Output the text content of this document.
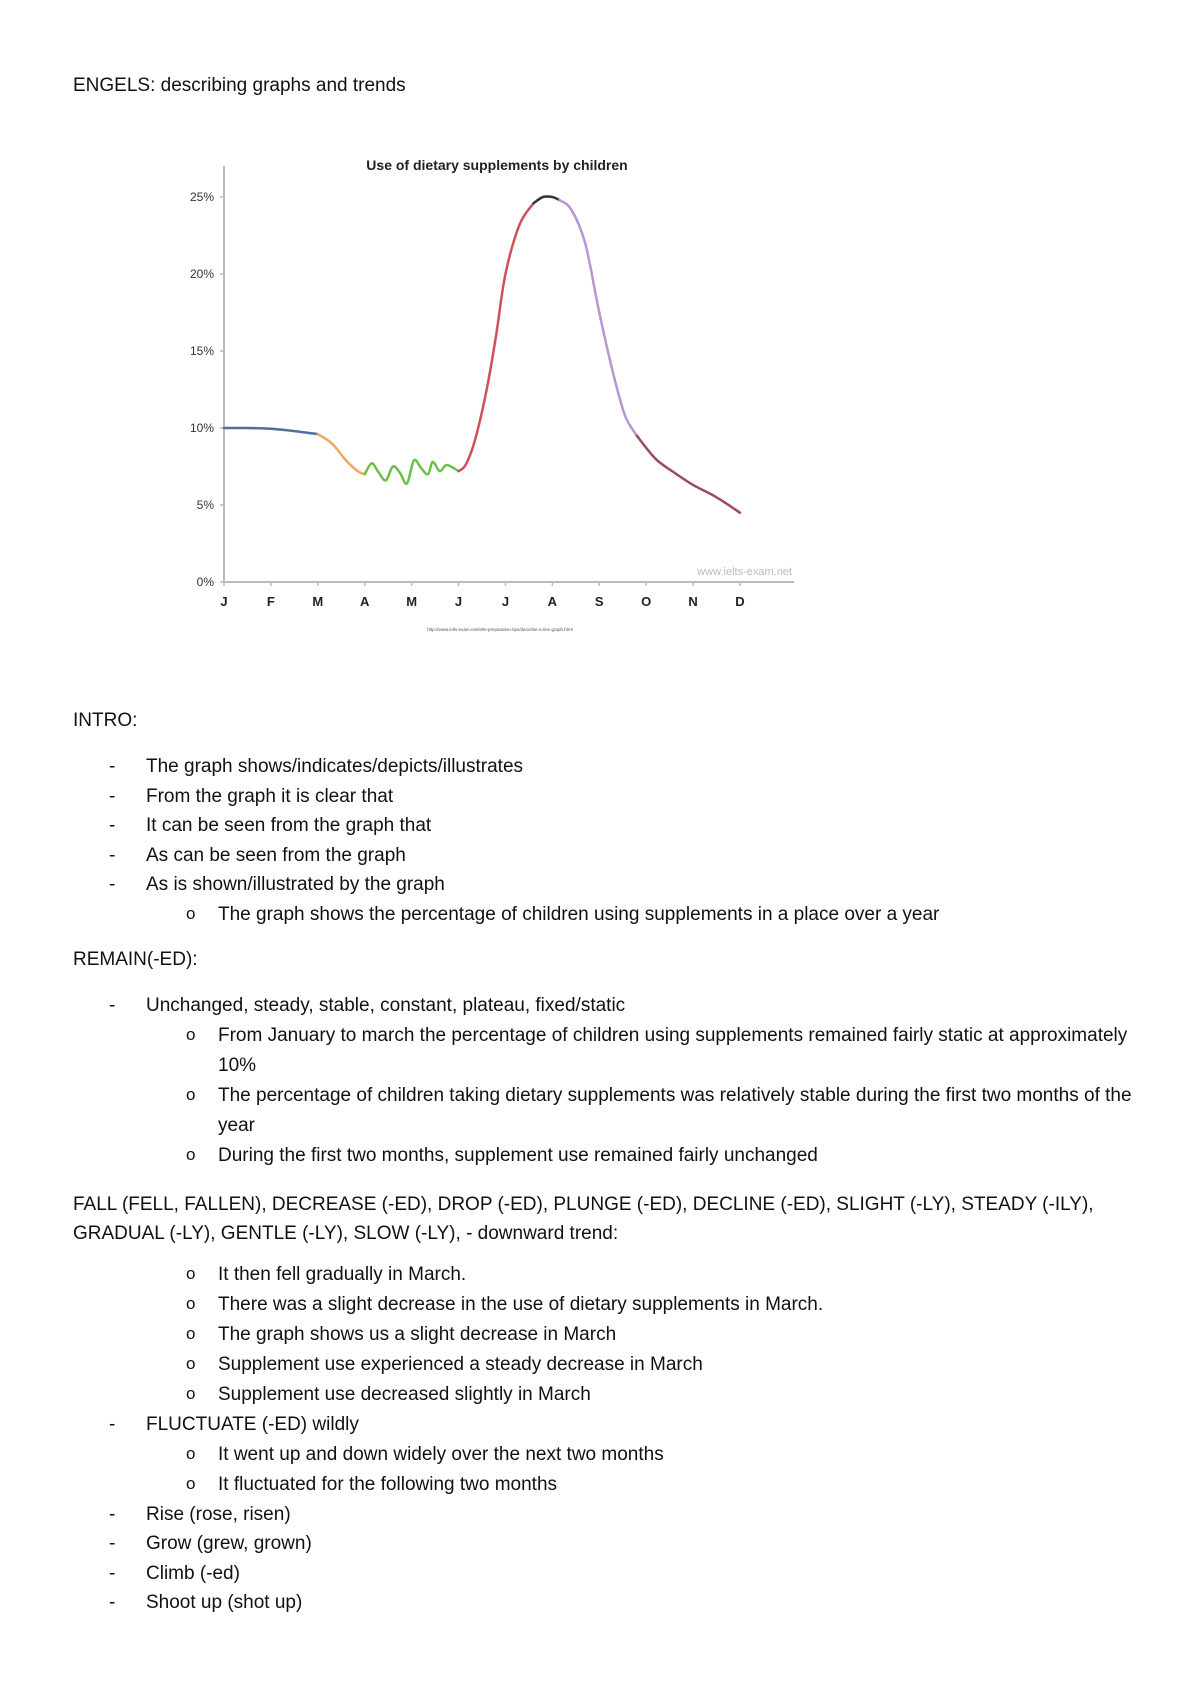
ENGELS: describing graphs and trends
Use of dietary supplements by children
0%
5%
10%
15%
20%
25%
J	F	M	A	M	J	J	A	S	O	N	D
www.ielts-exam.net
http://www.ielts-exam.net/ielts-preparation-tips/describe-a-line-graph.html
INTRO:
- The graph shows/indicates/depicts/illustrates
- From the graph it is clear that
- It can be seen from the graph that
- As can be seen from the graph
- As is shown/illustrated by the graph
o The graph shows the percentage of children using supplements in a place over a year
REMAIN(-ED):
- Unchanged, steady, stable, constant, plateau, fixed/static
o From January to march the percentage of children using supplements remained fairly static at approximately 10%
o The percentage of children taking dietary supplements was relatively stable during the first two months of the year
o During the first two months, supplement use remained fairly unchanged
FALL (FELL, FALLEN), DECREASE (-ED), DROP (-ED), PLUNGE (-ED), DECLINE (-ED), SLIGHT (-LY), STEADY (-ILY), GRADUAL (-LY), GENTLE (-LY), SLOW (-LY), - downward trend:
o It then fell gradually in March.
o There was a slight decrease in the use of dietary supplements in March.
o The graph shows us a slight decrease in March
o Supplement use experienced a steady decrease in March
o Supplement use decreased slightly in March
- FLUCTUATE (-ED) wildly
o It went up and down widely over the next two months
o It fluctuated for the following two months
- Rise (rose, risen)
- Grow (grew, grown)
- Climb (-ed)
- Shoot up (shot up)
